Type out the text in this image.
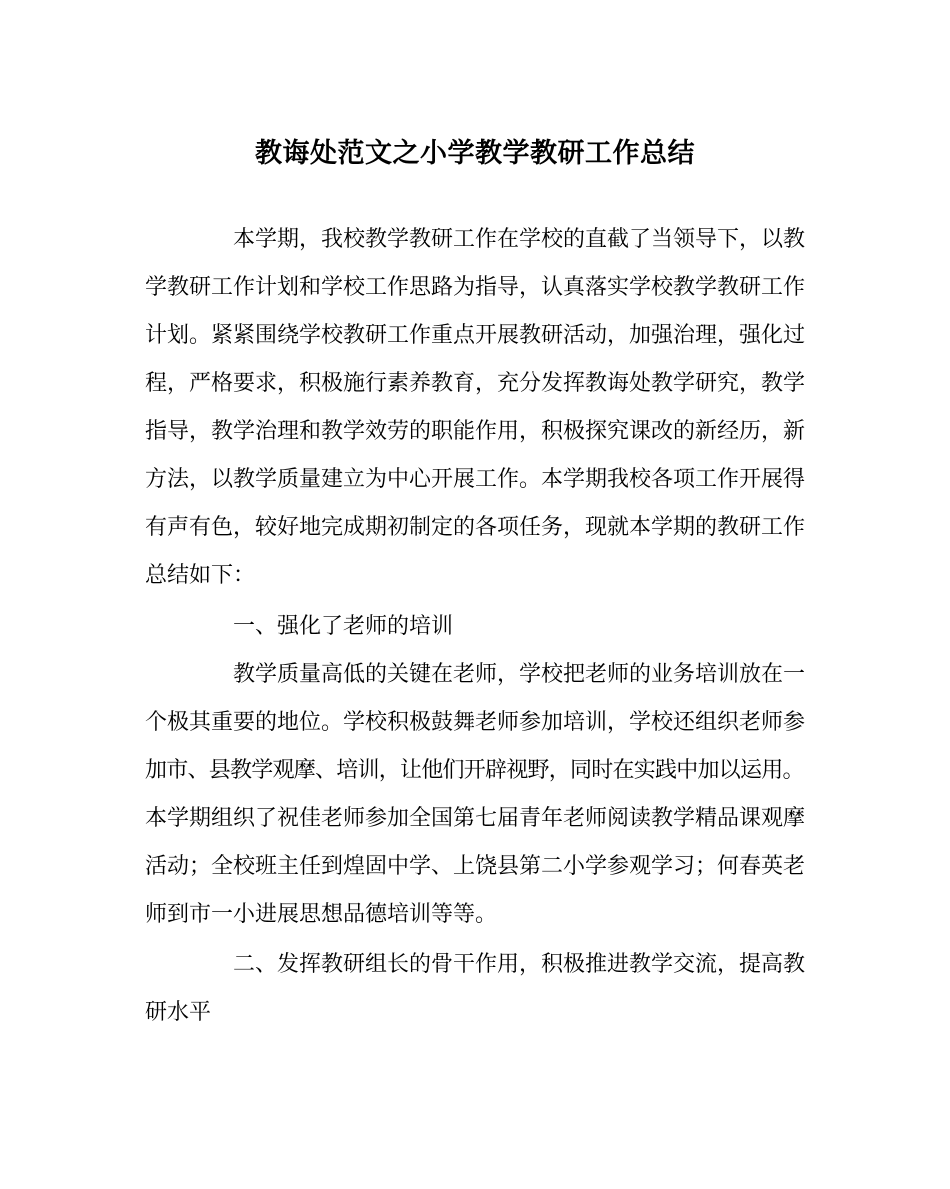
教诲处范文之小学教学教研工作总结
本学期，我校教学教研工作在学校的直截了当领导下，以教
学教研工作计划和学校工作思路为指导，认真落实学校教学教研工作
计划。紧紧围绕学校教研工作重点开展教研活动，加强治理，强化过
程，严格要求，积极施行素养教育，充分发挥教诲处教学研究，教学
指导，教学治理和教学效劳的职能作用，积极探究课改的新经历，新
方法，以教学质量建立为中心开展工作。本学期我校各项工作开展得
有声有色，较好地完成期初制定的各项任务，现就本学期的教研工作
总结如下：
一、强化了老师的培训
教学质量高低的关键在老师，学校把老师的业务培训放在一
个极其重要的地位。学校积极鼓舞老师参加培训，学校还组织老师参
加市、县教学观摩、培训，让他们开辟视野，同时在实践中加以运用。
本学期组织了祝佳老师参加全国第七届青年老师阅读教学精品课观摩
活动；全校班主任到煌固中学、上饶县第二小学参观学习；何春英老
师到市一小进展思想品德培训等等。
二、发挥教研组长的骨干作用，积极推进教学交流，提高教
研水平
